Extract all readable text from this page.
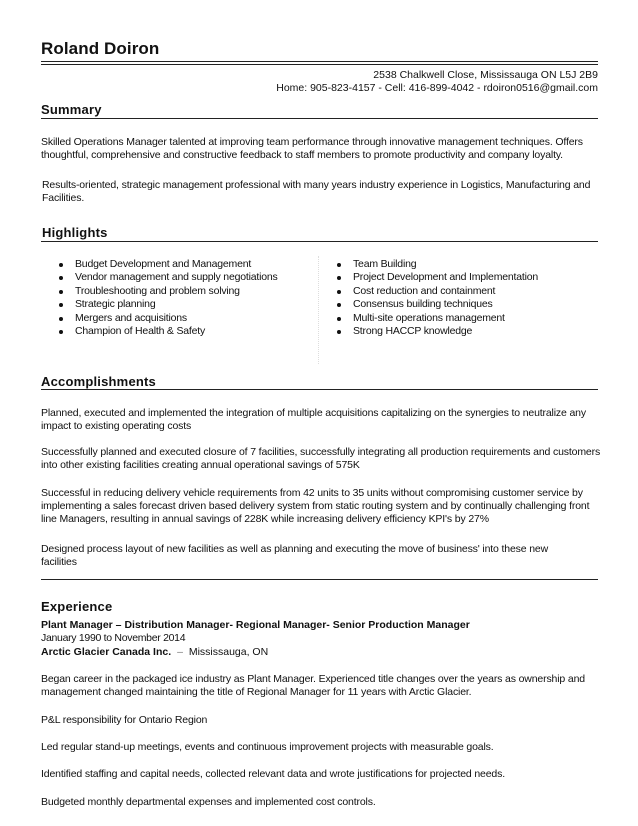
Roland Doiron
2538 Chalkwell Close, Mississauga ON L5J 2B9
Home: 905-823-4157 - Cell: 416-899-4042 - rdoiron0516@gmail.com
Summary
Skilled Operations Manager talented at improving team performance through innovative management techniques. Offers thoughtful, comprehensive and constructive feedback to staff members to promote productivity and company loyalty.
Results-oriented, strategic management professional with many years industry experience in Logistics, Manufacturing and Facilities.
Highlights
Budget Development and Management
Vendor management and supply negotiations
Troubleshooting and problem solving
Strategic planning
Mergers and acquisitions
Champion of Health & Safety
Team Building
Project Development and Implementation
Cost reduction and containment
Consensus building techniques
Multi-site operations management
Strong HACCP knowledge
Accomplishments
Planned, executed and implemented the integration of multiple acquisitions capitalizing on the synergies to neutralize any impact to existing operating costs
Successfully planned and executed closure of 7 facilities, successfully integrating all production requirements and customers into other existing facilities creating annual operational savings of 575K
Successful in reducing delivery vehicle requirements from 42 units to 35 units without compromising customer service by implementing a sales forecast driven based delivery system from static routing system and by continually challenging front line Managers, resulting in annual savings of 228K while increasing delivery efficiency KPI's by 27%
Designed process layout of new facilities as well as planning and executing the move of business' into these new facilities
Experience
Plant Manager – Distribution Manager- Regional Manager- Senior Production Manager
January 1990 to November 2014
Arctic Glacier Canada Inc. – Mississauga, ON
Began career in the packaged ice industry as Plant Manager. Experienced title changes over the years as ownership and management changed maintaining the title of Regional Manager for 11 years with Arctic Glacier.
P&L responsibility for Ontario Region
Led regular stand-up meetings, events and continuous improvement projects with measurable goals.
Identified staffing and capital needs, collected relevant data and wrote justifications for projected needs.
Budgeted monthly departmental expenses and implemented cost controls.
